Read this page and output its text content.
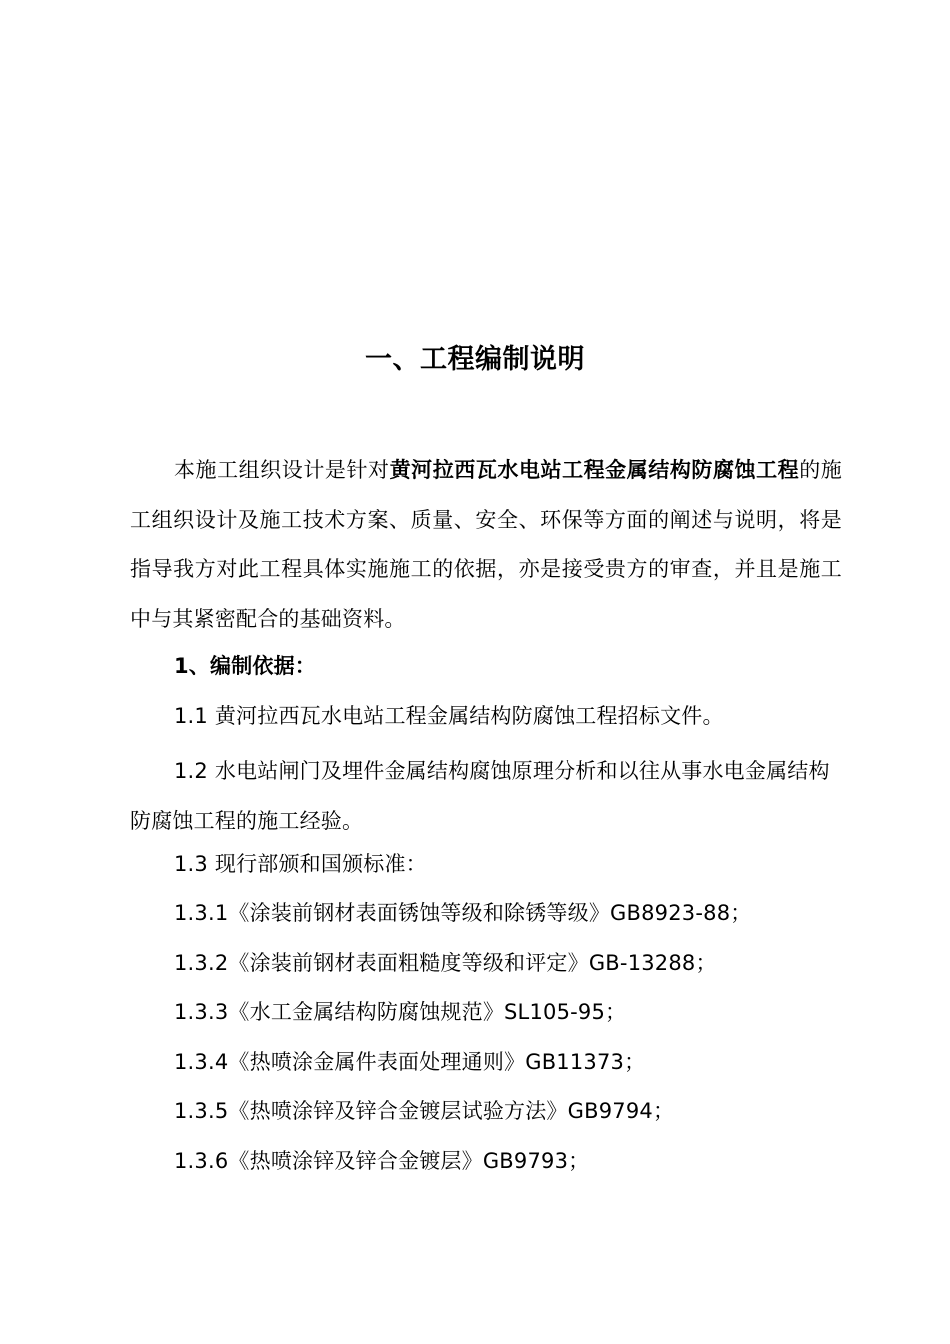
一、工程编制说明

本施工组织设计是针对黄河拉西瓦水电站工程金属结构防腐蚀工程的施工组织设计及施工技术方案、质量、安全、环保等方面的阐述与说明，将是指导我方对此工程具体实施施工的依据，亦是接受贵方的审查，并且是施工中与其紧密配合的基础资料。

1、编制依据：
1.1 黄河拉西瓦水电站工程金属结构防腐蚀工程招标文件。

1.2 水电站闸门及埋件金属结构腐蚀原理分析和以往从事水电金属结构防腐蚀工程的施工经验。

1.3 现行部颁和国颁标准：
1.3.1《涂装前钢材表面锈蚀等级和除锈等级》GB8923-88；
1.3.2《涂装前钢材表面粗糙度等级和评定》GB-13288；
1.3.3《水工金属结构防腐蚀规范》SL105-95；
1.3.4《热喷涂金属件表面处理通则》GB11373；
1.3.5《热喷涂锌及锌合金镀层试验方法》GB9794；
1.3.6《热喷涂锌及锌合金镀层》GB9793；
